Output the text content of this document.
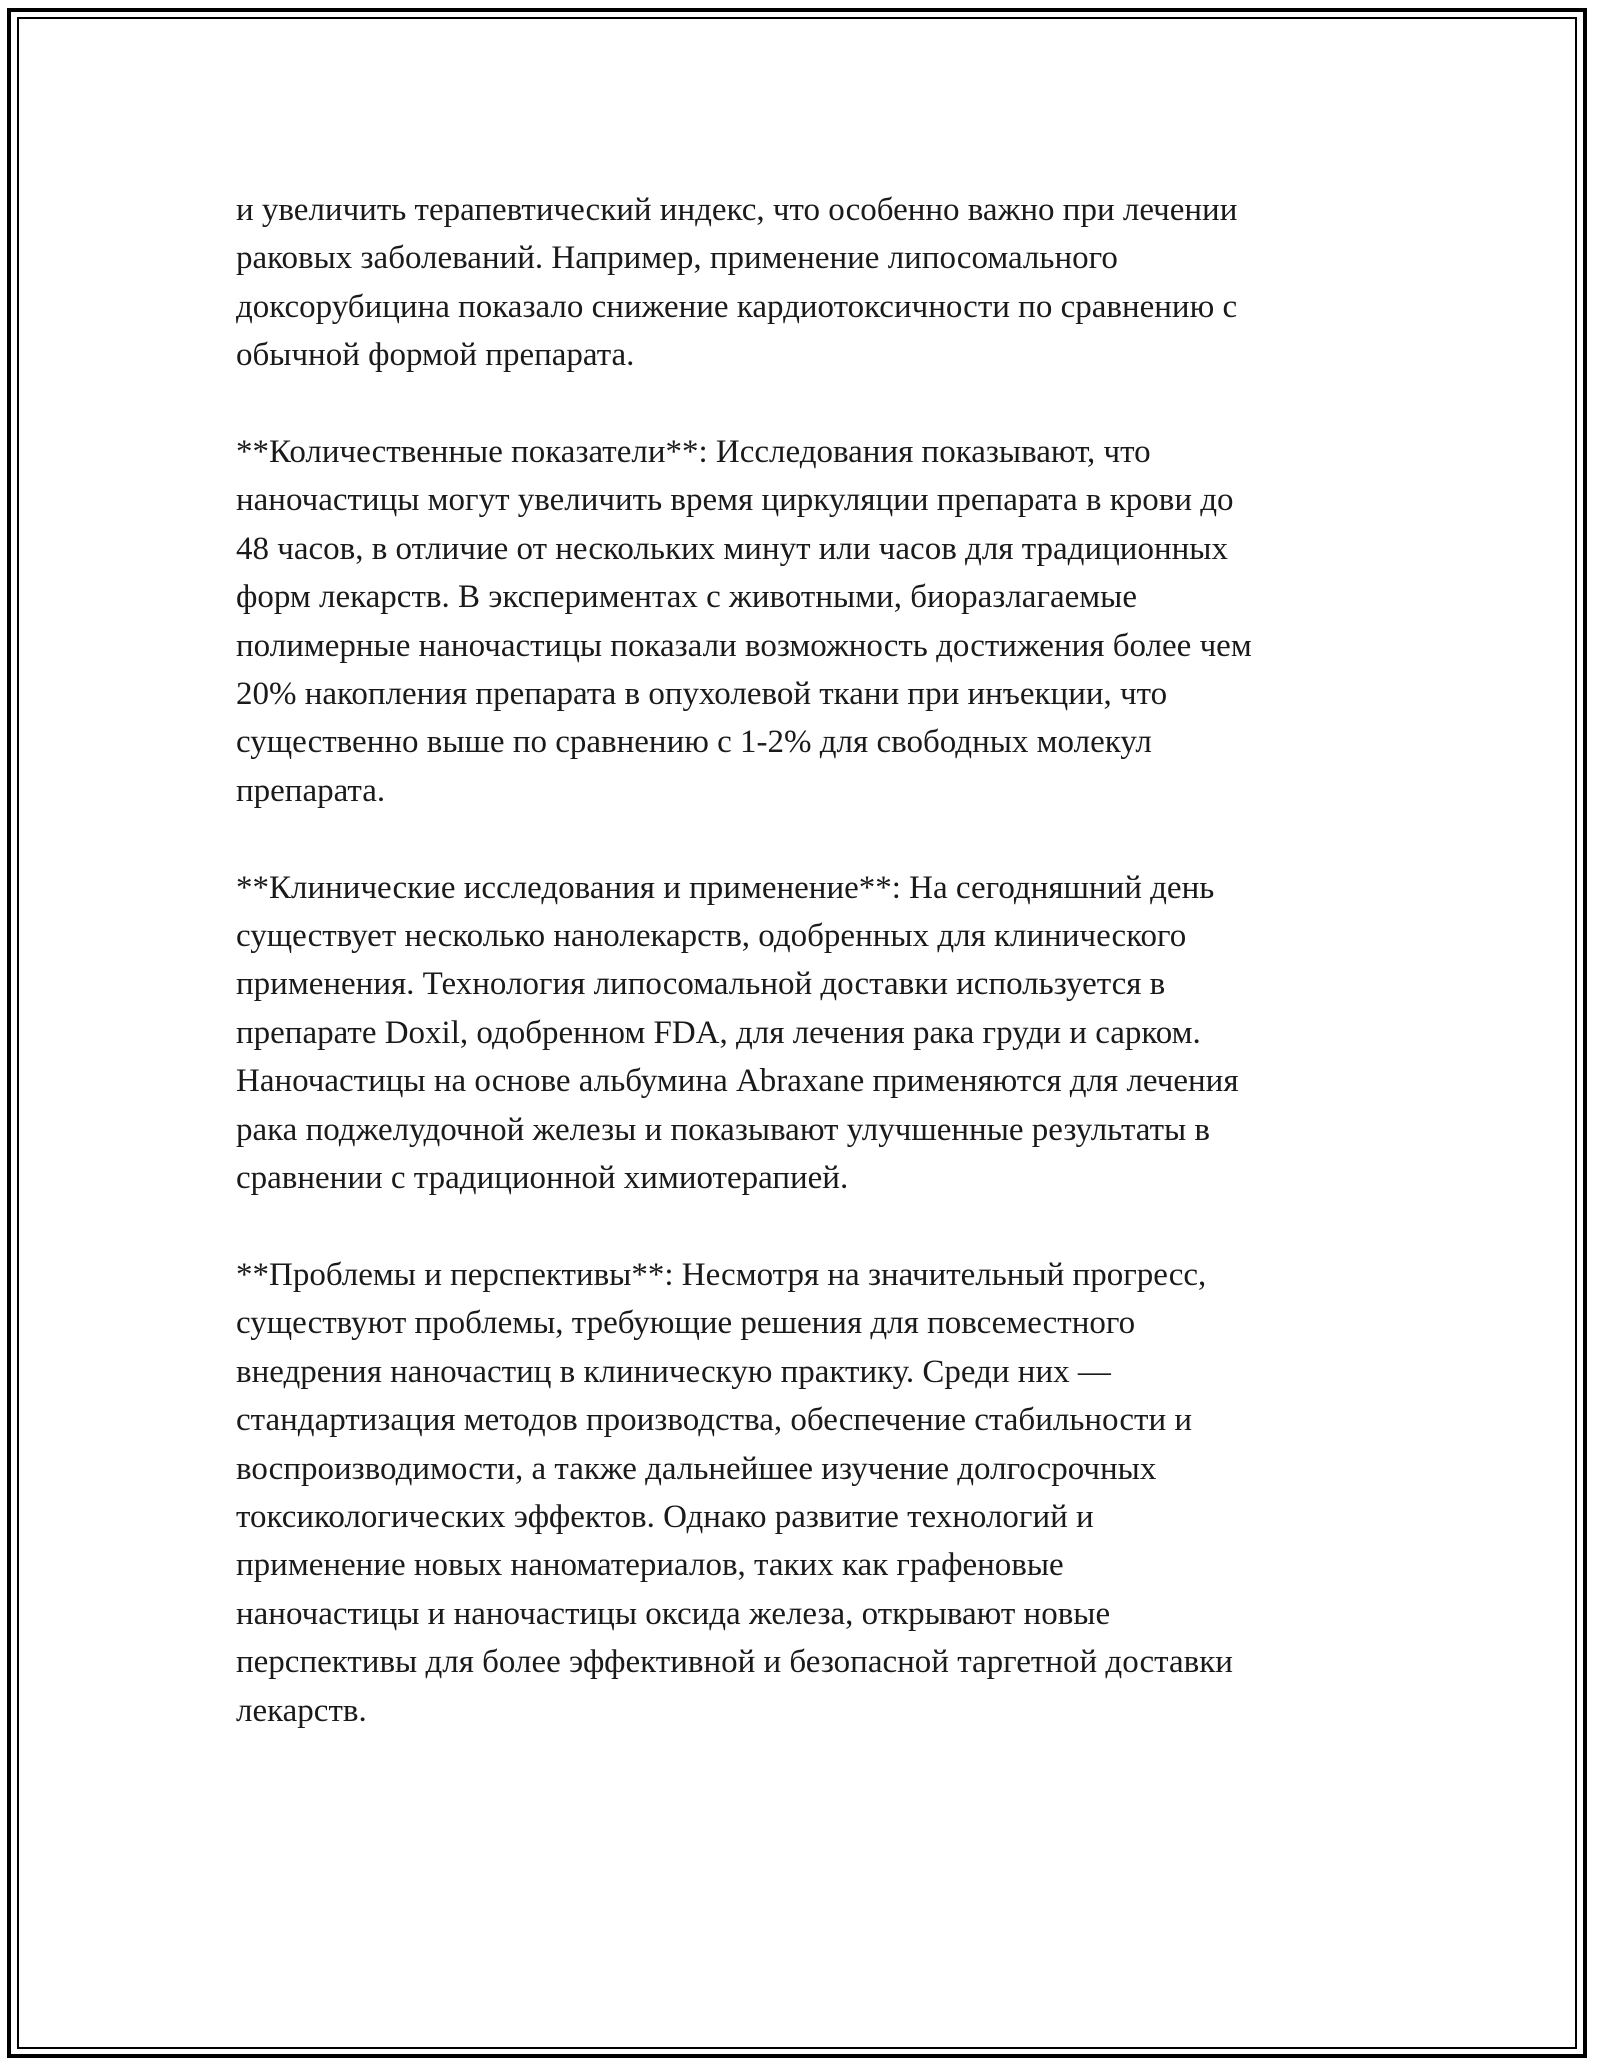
и увеличить терапевтический индекс, что особенно важно при лечении
раковых заболеваний. Например, применение липосомального
доксорубицина показало снижение кардиотоксичности по сравнению с
обычной формой препарата.

**Количественные показатели**: Исследования показывают, что
наночастицы могут увеличить время циркуляции препарата в крови до
48 часов, в отличие от нескольких минут или часов для традиционных
форм лекарств. В экспериментах с животными, биоразлагаемые
полимерные наночастицы показали возможность достижения более чем
20% накопления препарата в опухолевой ткани при инъекции, что
существенно выше по сравнению с 1-2% для свободных молекул
препарата.

**Клинические исследования и применение**: На сегодняшний день
существует несколько нанолекарств, одобренных для клинического
применения. Технология липосомальной доставки используется в
препарате Doxil, одобренном FDA, для лечения рака груди и сарком.
Наночастицы на основе альбумина Abraxane применяются для лечения
рака поджелудочной железы и показывают улучшенные результаты в
сравнении с традиционной химиотерапией.

**Проблемы и перспективы**: Несмотря на значительный прогресс,
существуют проблемы, требующие решения для повсеместного
внедрения наночастиц в клиническую практику. Среди них —
стандартизация методов производства, обеспечение стабильности и
воспроизводимости, а также дальнейшее изучение долгосрочных
токсикологических эффектов. Однако развитие технологий и
применение новых наноматериалов, таких как графеновые
наночастицы и наночастицы оксида железа, открывают новые
перспективы для более эффективной и безопасной таргетной доставки
лекарств.
